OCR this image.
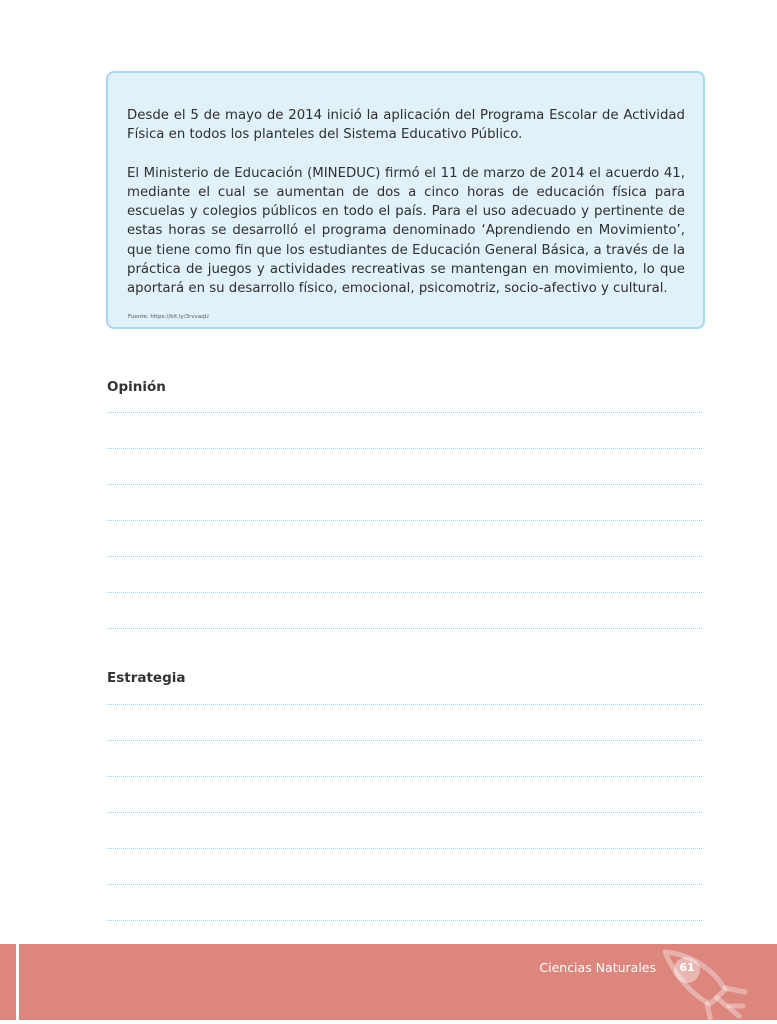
Desde el 5 de mayo de 2014 inició la aplicación del Programa Escolar de Actividad Física en todos los planteles del Sistema Educativo Público.

El Ministerio de Educación (MINEDUC) firmó el 11 de marzo de 2014 el acuerdo 41, mediante el cual se aumentan de dos a cinco horas de educación física para escuelas y colegios públicos en todo el país. Para el uso adecuado y pertinente de estas horas se desarrolló el programa denominado ‘Aprendiendo en Movimiento’, que tiene como fin que los estudiantes de Educación General Básica, a través de la práctica de juegos y actividades recreativas se mantengan en movimiento, lo que aportará en su desarrollo físico, emocional, psicomotriz, socio-afectivo y cultural.

Fuente: https://bit.ly/3rvvaqU
Opinión
Estrategia
Ciencias Naturales	61
